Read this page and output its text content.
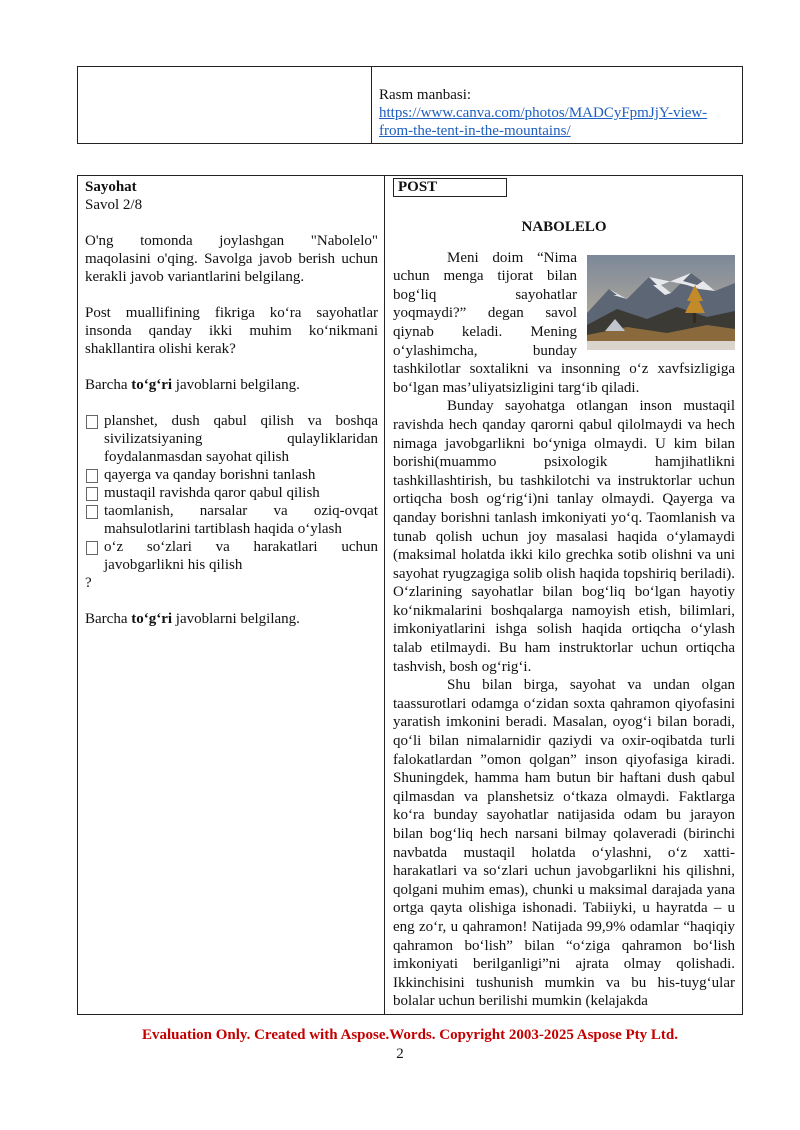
Rasm manbasi:
https://www.canva.com/photos/MADCyFpmJjY-view-
from-the-tent-in-the-mountains/
Sayohat
Savol 2/8

O'ng tomonda joylashgan "Nabolelo" maqolasini o'qing. Savolga javob berish uchun kerakli javob variantlarini belgilang.

Post muallifining fikriga ko‘ra sayohatlar insonda qanday ikki muhim ko‘nikmani shakllantira olishi kerak?

Barcha to‘g‘ri javoblarni belgilang.

planshet, dush qabul qilish va boshqa sivilizatsiyaning qulayliklaridan foydalanmasdan sayohat qilish
qayerga va qanday borishni tanlash
mustaqil ravishda qaror qabul qilish
taomlanish, narsalar va oziq-ovqat mahsulotlarini tartiblash haqida o‘ylash
o‘z so‘zlari va harakatlari uchun javobgarlikni his qilish
?

Barcha to‘g‘ri javoblarni belgilang.

POST
NABOLELO

Meni doim “Nima uchun menga tijorat bilan bog‘liq sayohatlar yoqmaydi?” degan savol qiynab keladi. Mening o‘ylashimcha, bunday tashkilotlar soxtalikni va insonning o‘z xavfsizligiga bo‘lgan mas’uliyatsizligini targ‘ib qiladi.

Bunday sayohatga otlangan inson mustaqil ravishda hech qanday qarorni qabul qilolmaydi va hech nimaga javobgarlikni bo‘yniga olmaydi. U kim bilan borishi(muammo psixologik hamjihatlikni tashkillashtirish, bu tashkilotchi va instruktorlar uchun ortiqcha bosh og‘rig‘i)ni tanlay olmaydi. Qayerga va qanday borishni tanlash imkoniyati yo‘q. Taomlanish va tunab qolish uchun joy masalasi haqida o‘ylamaydi (maksimal holatda ikki kilo grechka sotib olishni va uni sayohat ryugzagiga solib olish haqida topshiriq beriladi). O‘zlarining sayohatlar bilan bog‘liq bo‘lgan hayotiy ko‘nikmalarini boshqalarga namoyish etish, bilimlari, imkoniyatlarini ishga solish haqida ortiqcha o‘ylash talab etilmaydi. Bu ham instruktorlar uchun ortiqcha tashvish, bosh og‘rig‘i.

Shu bilan birga, sayohat va undan olgan taassurotlari odamga o‘zidan soxta qahramon qiyofasini yaratish imkonini beradi. Masalan, oyog‘i bilan boradi, qo‘li bilan nimalarnidir qaziydi va oxir-oqibatda turli falokatlardan ”omon qolgan” inson qiyofasiga kiradi. Shuningdek, hamma ham butun bir haftani dush qabul qilmasdan va planshetsiz o‘tkaza olmaydi. Faktlarga ko‘ra bunday sayohatlar natijasida odam bu jarayon bilan bog‘liq hech narsani bilmay qolaveradi (birinchi navbatda mustaqil holatda o‘ylashni, o‘z xatti-harakatlari va so‘zlari uchun javobgarlikni his qilishni, qolgani muhim emas), chunki u maksimal darajada yana ortga qayta olishiga ishonadi. Tabiiyki, u hayratda – u eng zo‘r, u qahramon! Natijada 99,9% odamlar “haqiqiy qahramon bo‘lish” bilan “o‘ziga qahramon bo‘lish imkoniyati berilganligi”ni ajrata olmay qolishadi. Ikkinchisini tushunish mumkin va bu his-tuyg‘ular bolalar uchun berilishi mumkin (kelajakda

Evaluation Only. Created with Aspose.Words. Copyright 2003-2025 Aspose Pty Ltd.
2
